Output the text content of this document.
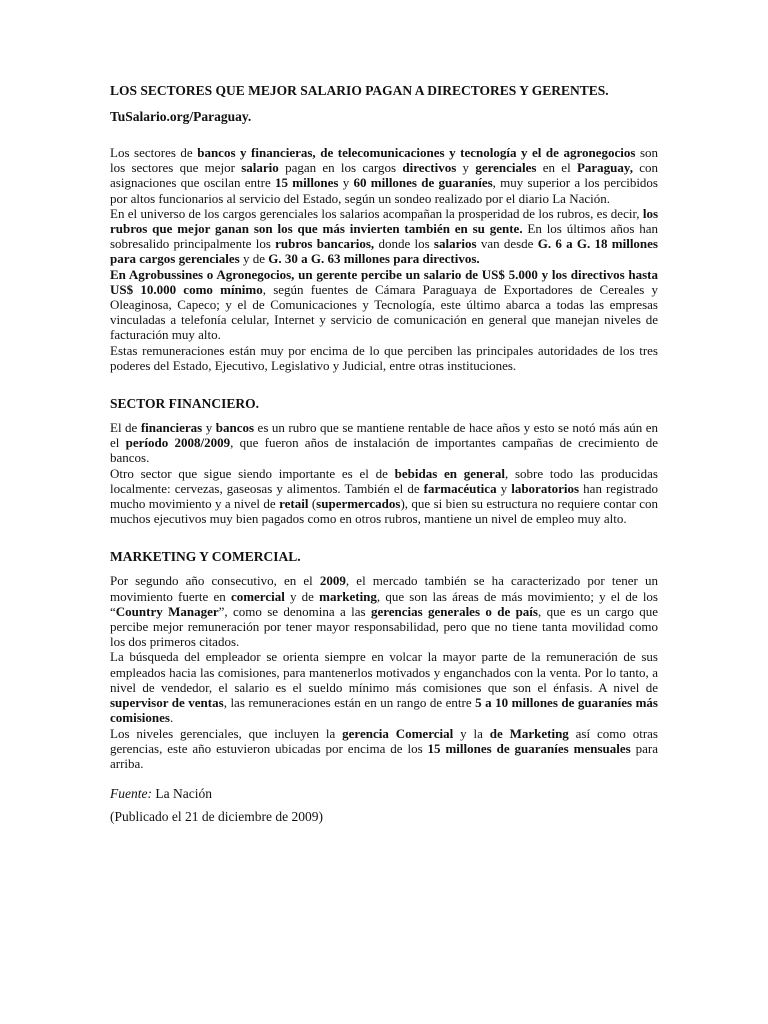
LOS SECTORES QUE MEJOR SALARIO PAGAN A DIRECTORES Y GERENTES.
TuSalario.org/Paraguay.

Los sectores de bancos y financieras, de telecomunicaciones y tecnología y el de agronegocios son los sectores que mejor salario pagan en los cargos directivos y gerenciales en el Paraguay, con asignaciones que oscilan entre 15 millones y 60 millones de guaraníes, muy superior a los percibidos por altos funcionarios al servicio del Estado, según un sondeo realizado por el diario La Nación.

En el universo de los cargos gerenciales los salarios acompañan la prosperidad de los rubros, es decir, los rubros que mejor ganan son los que más invierten también en su gente. En los últimos años han sobresalido principalmente los rubros bancarios, donde los salarios van desde G. 6 a G. 18 millones para cargos gerenciales y de G. 30 a G. 63 millones para directivos.

En Agrobussines o Agronegocios, un gerente percibe un salario de US$ 5.000 y los directivos hasta US$ 10.000 como mínimo, según fuentes de Cámara Paraguaya de Exportadores de Cereales y Oleaginosa, Capeco; y el de Comunicaciones y Tecnología, este último abarca a todas las empresas vinculadas a telefonía celular, Internet y servicio de comunicación en general que manejan niveles de facturación muy alto.

Estas remuneraciones están muy por encima de lo que perciben las principales autoridades de los tres poderes del Estado, Ejecutivo, Legislativo y Judicial, entre otras instituciones.

SECTOR FINANCIERO.

El de financieras y bancos es un rubro que se mantiene rentable de hace años y esto se notó más aún en el período 2008/2009, que fueron años de instalación de importantes campañas de crecimiento de bancos.

Otro sector que sigue siendo importante es el de bebidas en general, sobre todo las producidas localmente: cervezas, gaseosas y alimentos. También el de farmacéutica y laboratorios han registrado mucho movimiento y a nivel de retail (supermercados), que si bien su estructura no requiere contar con muchos ejecutivos muy bien pagados como en otros rubros, mantiene un nivel de empleo muy alto.

MARKETING Y COMERCIAL.

Por segundo año consecutivo, en el 2009, el mercado también se ha caracterizado por tener un movimiento fuerte en comercial y de marketing, que son las áreas de más movimiento; y el de los “Country Manager”, como se denomina a las gerencias generales o de país, que es un cargo que percibe mejor remuneración por tener mayor responsabilidad, pero que no tiene tanta movilidad como los dos primeros citados.

La búsqueda del empleador se orienta siempre en volcar la mayor parte de la remuneración de sus empleados hacia las comisiones, para mantenerlos motivados y enganchados con la venta. Por lo tanto, a nivel de vendedor, el salario es el sueldo mínimo más comisiones que son el énfasis. A nivel de supervisor de ventas, las remuneraciones están en un rango de entre 5 a 10 millones de guaraníes más comisiones.

Los niveles gerenciales, que incluyen la gerencia Comercial y la de Marketing así como otras gerencias, este año estuvieron ubicadas por encima de los 15 millones de guaraníes mensuales para arriba.

Fuente: La Nación
(Publicado el 21 de diciembre de 2009)
